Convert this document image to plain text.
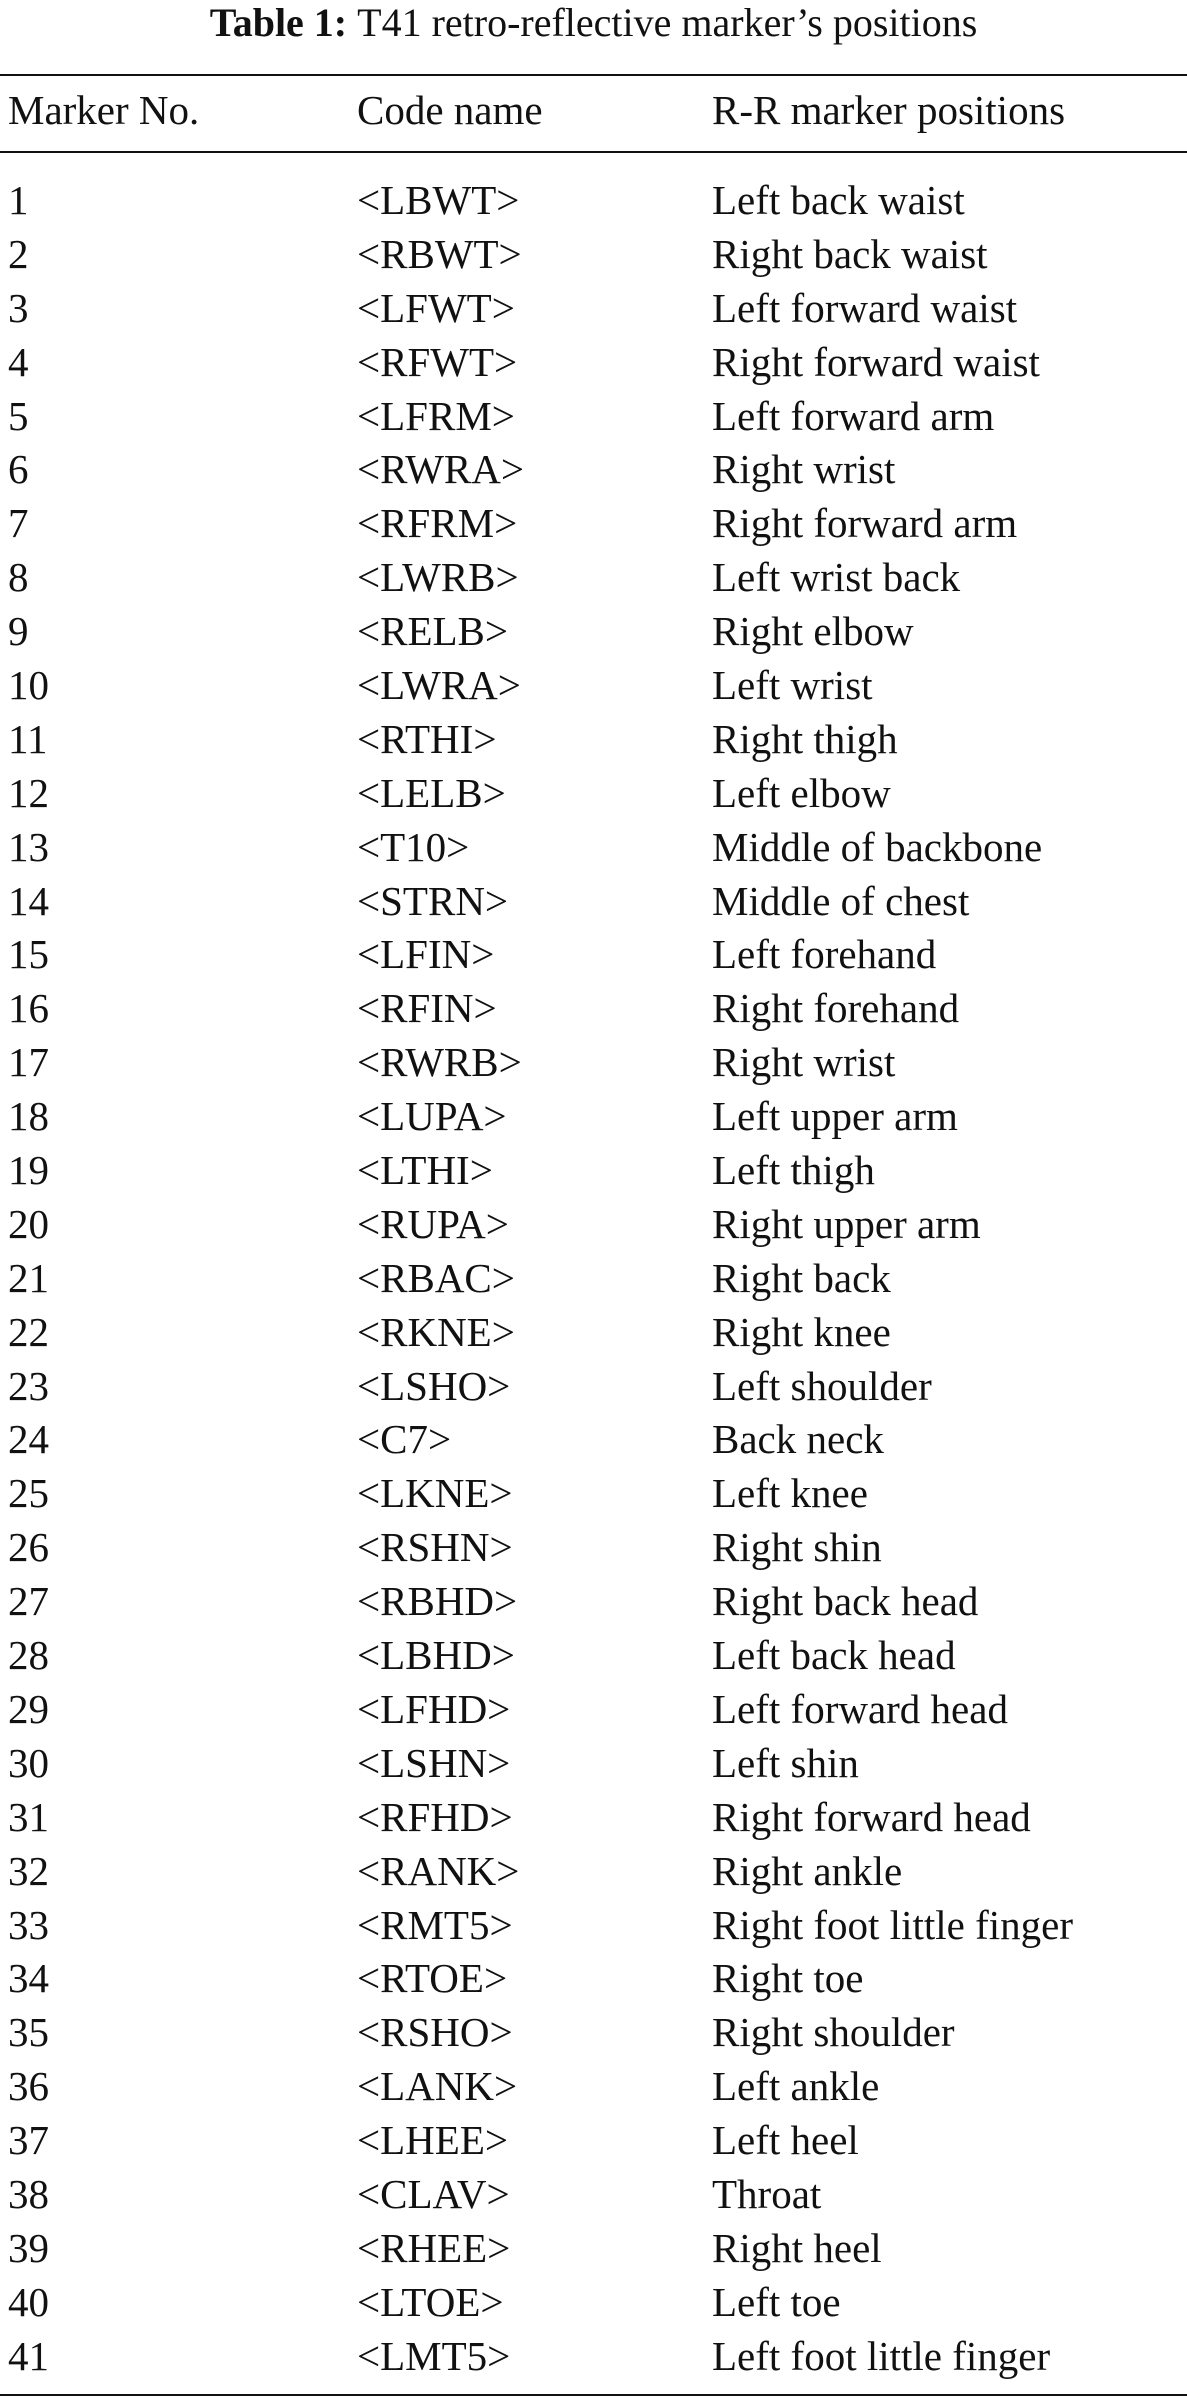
Table 1: T41 retro-reflective marker’s positions
Marker No.	Code name	R-R marker positions
1	<LBWT>	Left back waist
2	<RBWT>	Right back waist
3	<LFWT>	Left forward waist
4	<RFWT>	Right forward waist
5	<LFRM>	Left forward arm
6	<RWRA>	Right wrist
7	<RFRM>	Right forward arm
8	<LWRB>	Left wrist back
9	<RELB>	Right elbow
10	<LWRA>	Left wrist
11	<RTHI>	Right thigh
12	<LELB>	Left elbow
13	<T10>	Middle of backbone
14	<STRN>	Middle of chest
15	<LFIN>	Left forehand
16	<RFIN>	Right forehand
17	<RWRB>	Right wrist
18	<LUPA>	Left upper arm
19	<LTHI>	Left thigh
20	<RUPA>	Right upper arm
21	<RBAC>	Right back
22	<RKNE>	Right knee
23	<LSHO>	Left shoulder
24	<C7>	Back neck
25	<LKNE>	Left knee
26	<RSHN>	Right shin
27	<RBHD>	Right back head
28	<LBHD>	Left back head
29	<LFHD>	Left forward head
30	<LSHN>	Left shin
31	<RFHD>	Right forward head
32	<RANK>	Right ankle
33	<RMT5>	Right foot little finger
34	<RTOE>	Right toe
35	<RSHO>	Right shoulder
36	<LANK>	Left ankle
37	<LHEE>	Left heel
38	<CLAV>	Throat
39	<RHEE>	Right heel
40	<LTOE>	Left toe
41	<LMT5>	Left foot little finger
